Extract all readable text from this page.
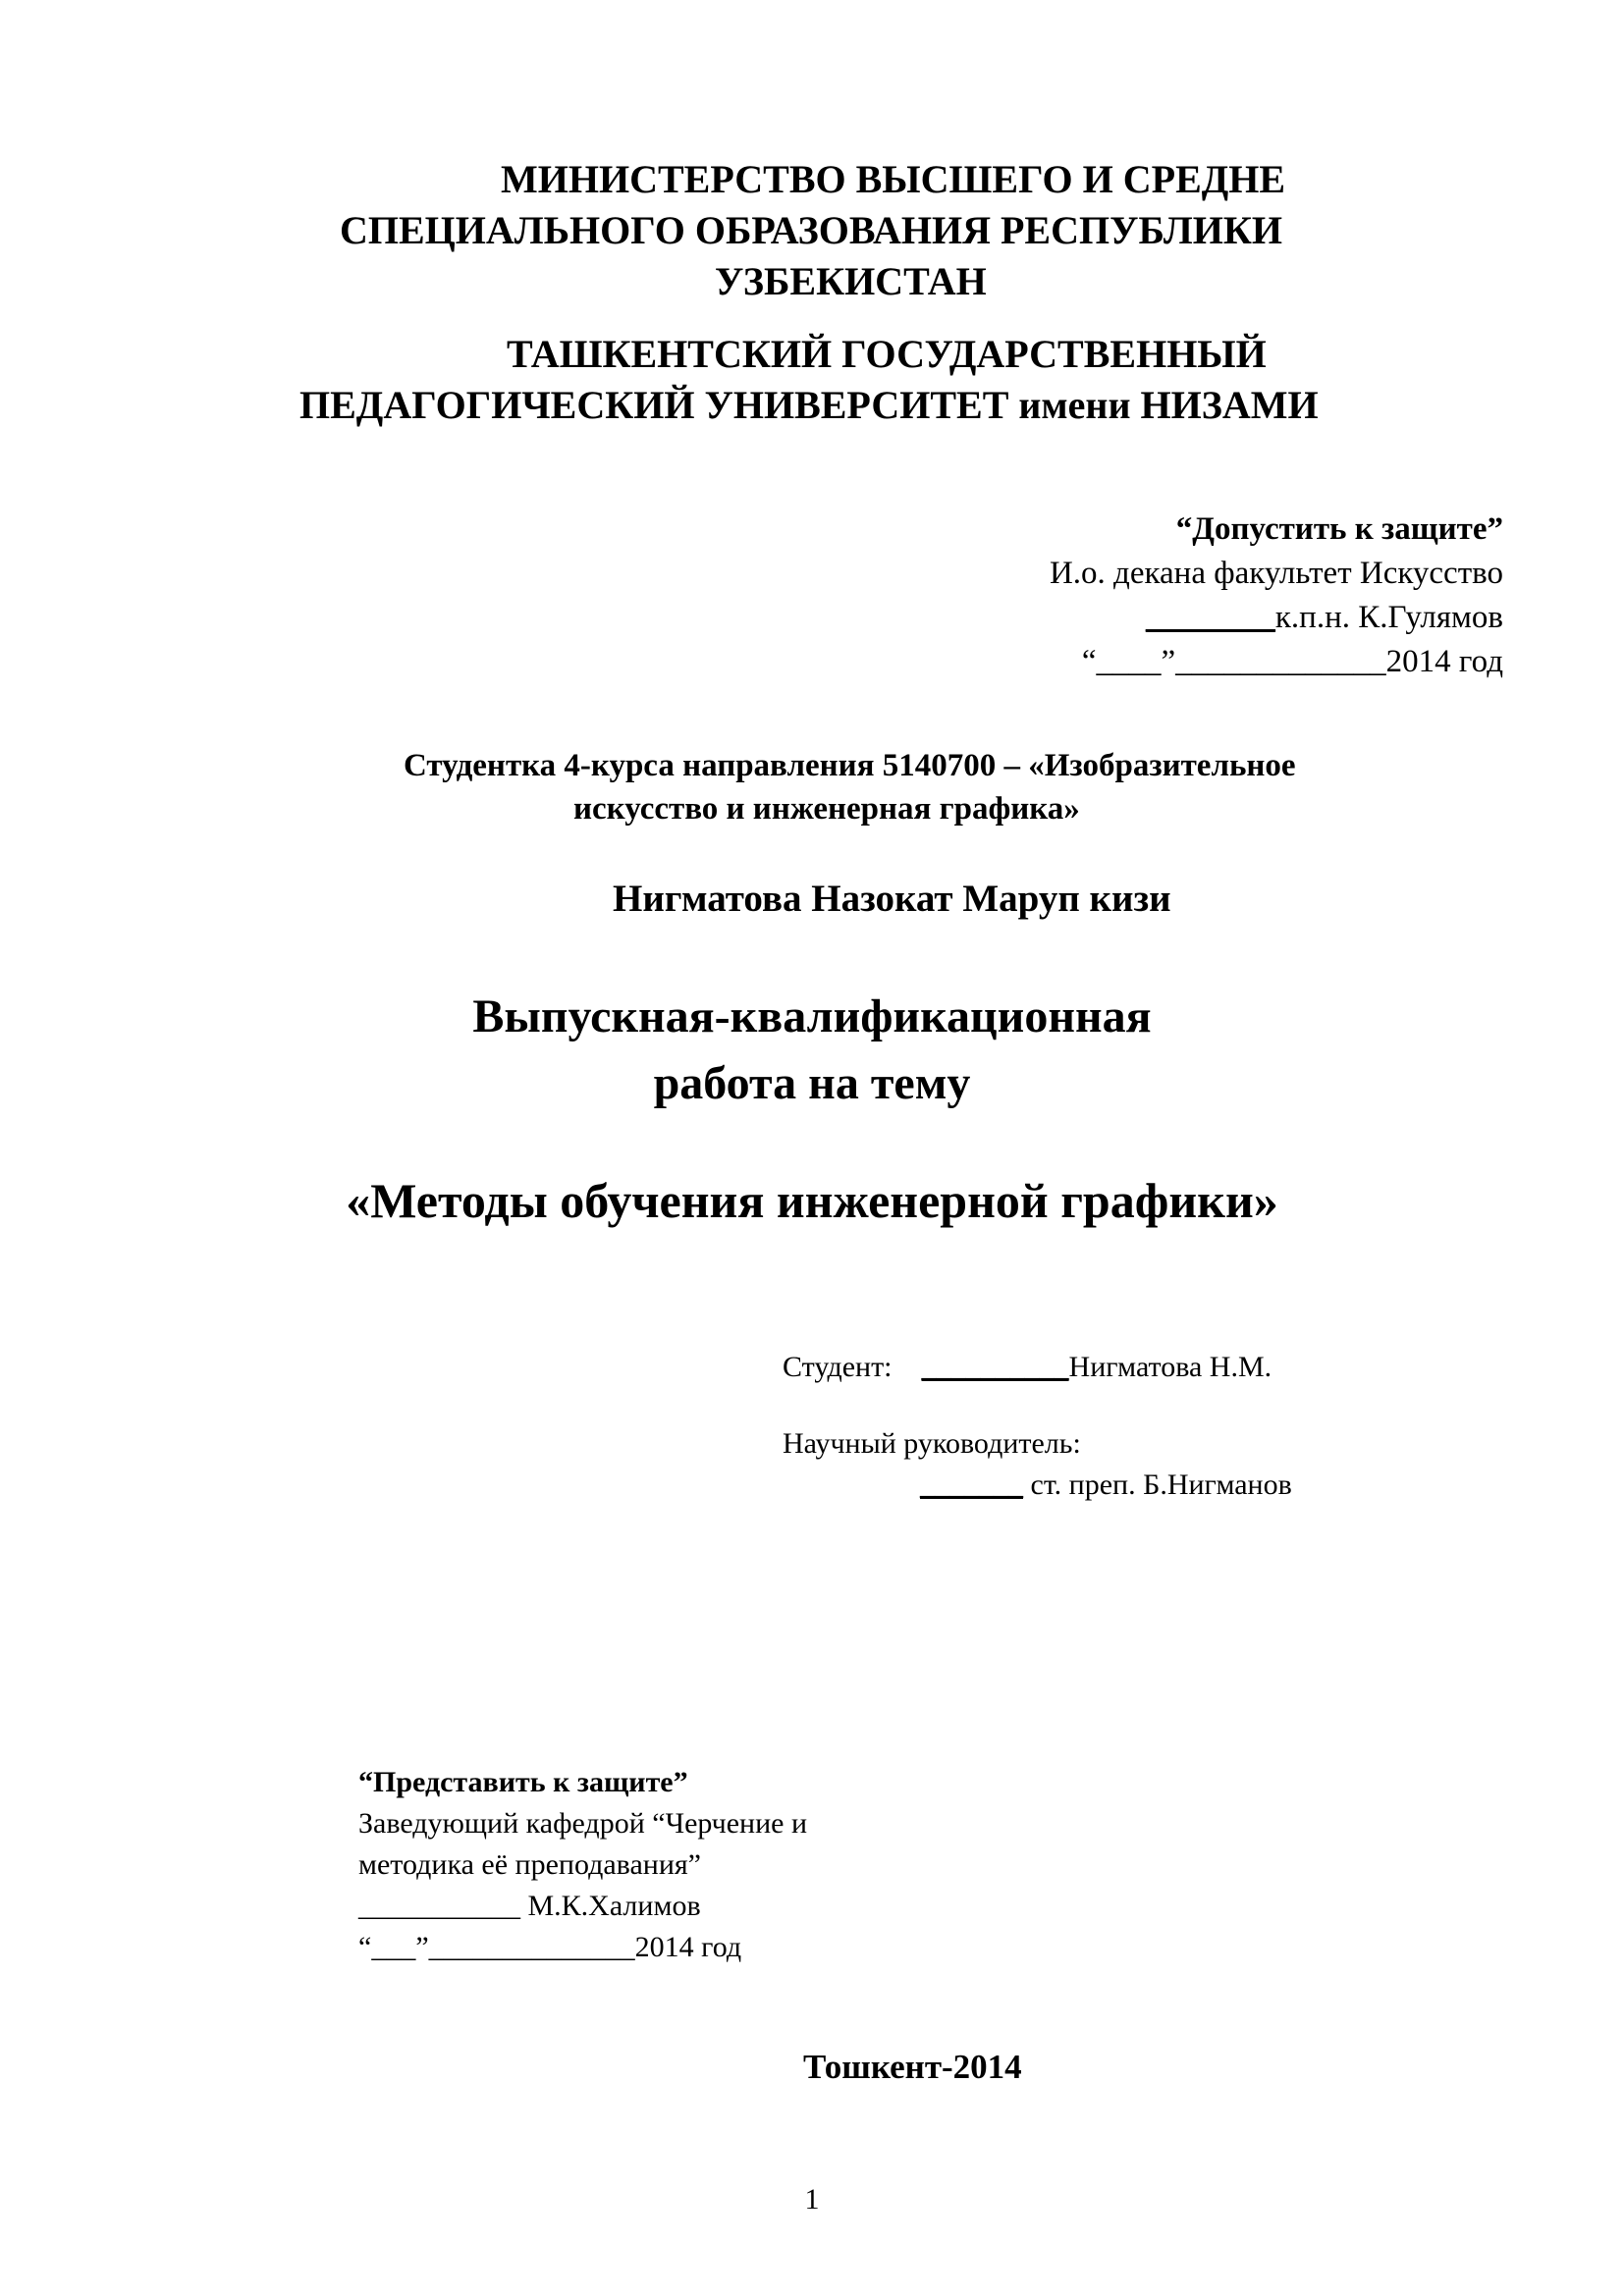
МИНИСТЕРСТВО ВЫСШЕГО И СРЕДНЕ
СПЕЦИАЛЬНОГО ОБРАЗОВАНИЯ РЕСПУБЛИКИ
УЗБЕКИСТАН
ТАШКЕНТСКИЙ ГОСУДАРСТВЕННЫЙ
ПЕДАГОГИЧЕСКИЙ УНИВЕРСИТЕТ имени НИЗАМИ
“Допустить к защите”
И.о. декана факультет Искусство
________к.п.н. К.Гулямов
“____”_____________2014 год
Студентка 4-курса направления 5140700 – «Изобразительное
искусство и инженерная графика»
Нигматова Назокат Маруп кизи
Выпускная-квалификационная
работа на тему
«Методы обучения инженерной графики»
Студент: __________Нигматова Н.М.
Научный руководитель:
_______ ст. преп. Б.Нигманов
“Представить к защите”
Заведующий кафедрой “Черчение и
методика её преподавания”
___________ М.К.Халимов
“___”______________2014 год
Тошкент-2014
1
